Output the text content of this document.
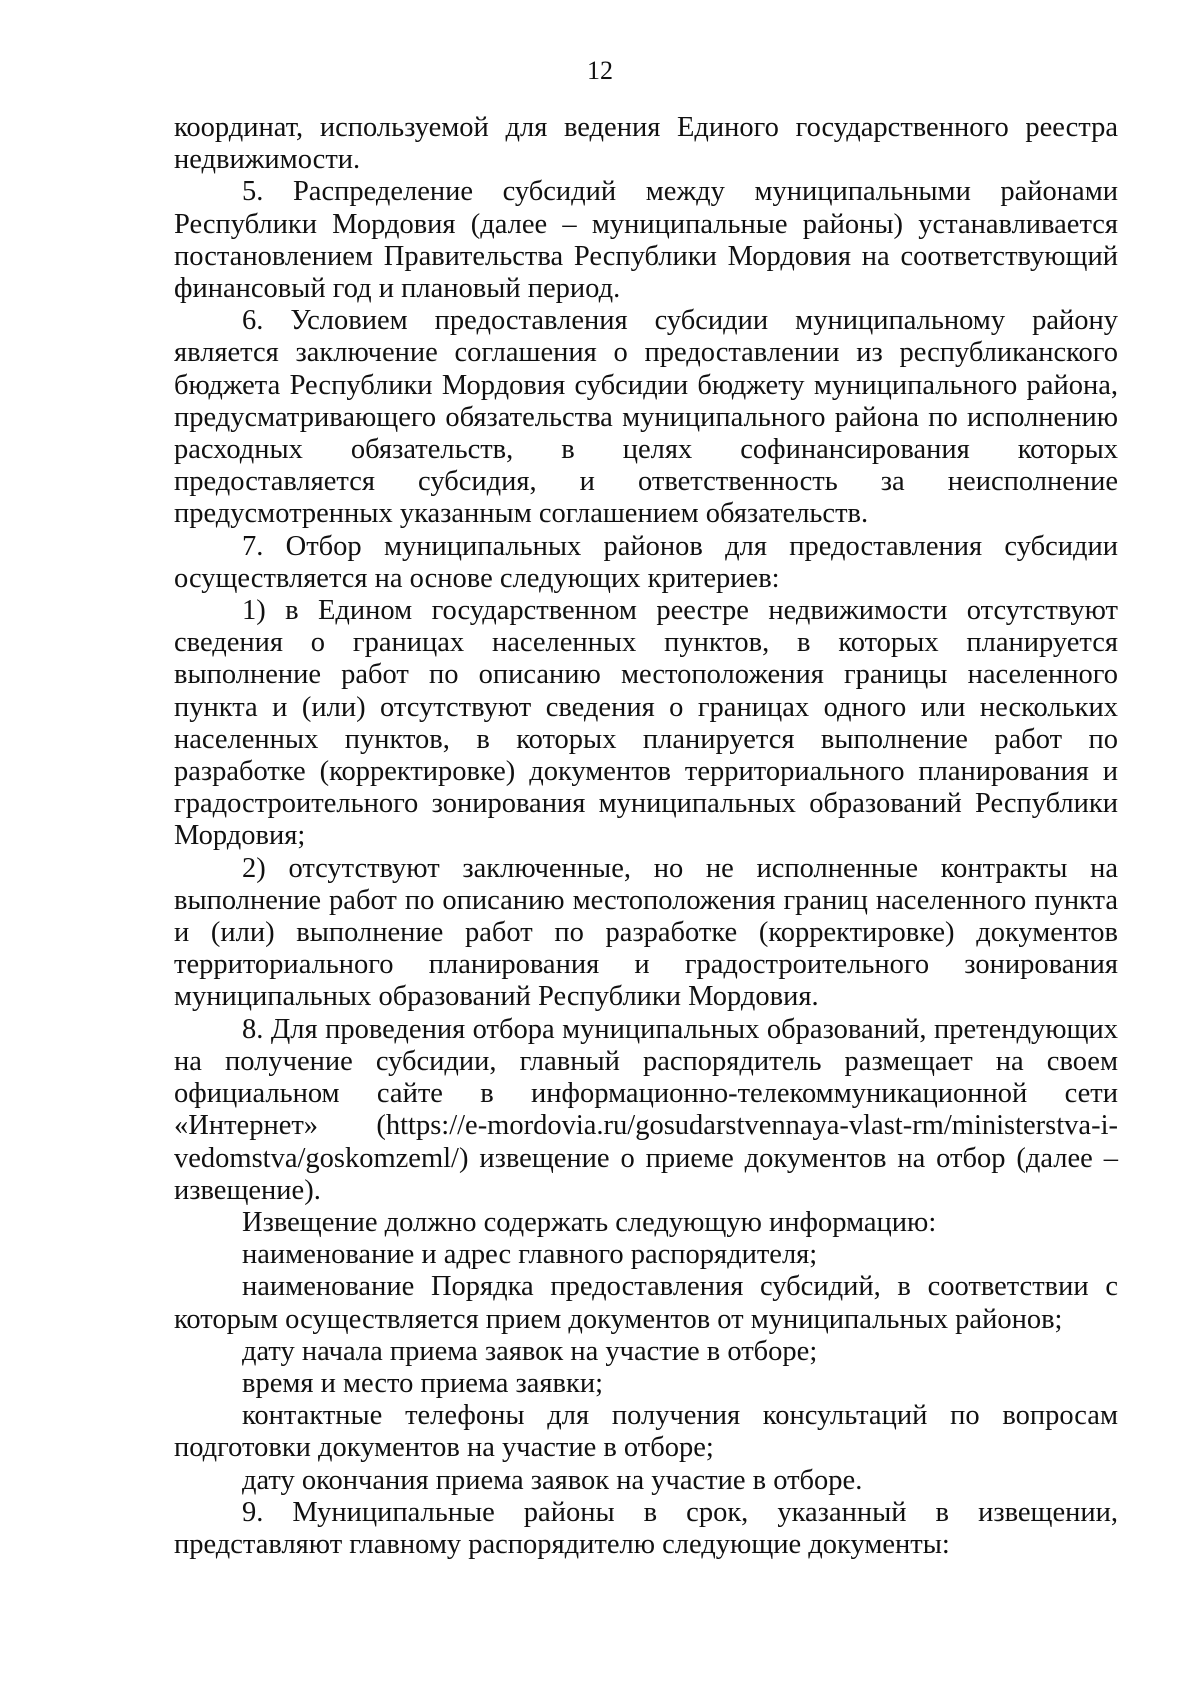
12

координат, используемой для ведения Единого государственного реестра недвижимости.

5. Распределение субсидий между муниципальными районами Республики Мордовия (далее – муниципальные районы) устанавливается постановлением Правительства Республики Мордовия на соответствующий финансовый год и плановый период.

6. Условием предоставления субсидии муниципальному району является заключение соглашения о предоставлении из республиканского бюджета Республики Мордовия субсидии бюджету муниципального района, предусматривающего обязательства муниципального района по исполнению расходных обязательств, в целях софинансирования которых предоставляется субсидия, и ответственность за неисполнение предусмотренных указанным соглашением обязательств.

7. Отбор муниципальных районов для предоставления субсидии осуществляется на основе следующих критериев:

1) в Едином государственном реестре недвижимости отсутствуют сведения о границах населенных пунктов, в которых планируется выполнение работ по описанию местоположения границы населенного пункта и (или) отсутствуют сведения о границах одного или нескольких населенных пунктов, в которых планируется выполнение работ по разработке (корректировке) документов территориального планирования и градостроительного зонирования муниципальных образований Республики Мордовия;

2) отсутствуют заключенные, но не исполненные контракты на выполнение работ по описанию местоположения границ населенного пункта и (или) выполнение работ по разработке (корректировке) документов территориального планирования и градостроительного зонирования муниципальных образований Республики Мордовия.

8. Для проведения отбора муниципальных образований, претендующих на получение субсидии, главный распорядитель размещает на своем официальном сайте в информационно-телекоммуникационной сети «Интернет» (https://e-mordovia.ru/gosudarstvennaya-vlast-rm/ministerstva-i-vedomstva/goskomzeml/) извещение о приеме документов на отбор (далее – извещение).

Извещение должно содержать следующую информацию:

наименование и адрес главного распорядителя;

наименование Порядка предоставления субсидий, в соответствии с которым осуществляется прием документов от муниципальных районов;

дату начала приема заявок на участие в отборе;

время и место приема заявки;

контактные телефоны для получения консультаций по вопросам подготовки документов на участие в отборе;

дату окончания приема заявок на участие в отборе.

9. Муниципальные районы в срок, указанный в извещении, представляют главному распорядителю следующие документы:
